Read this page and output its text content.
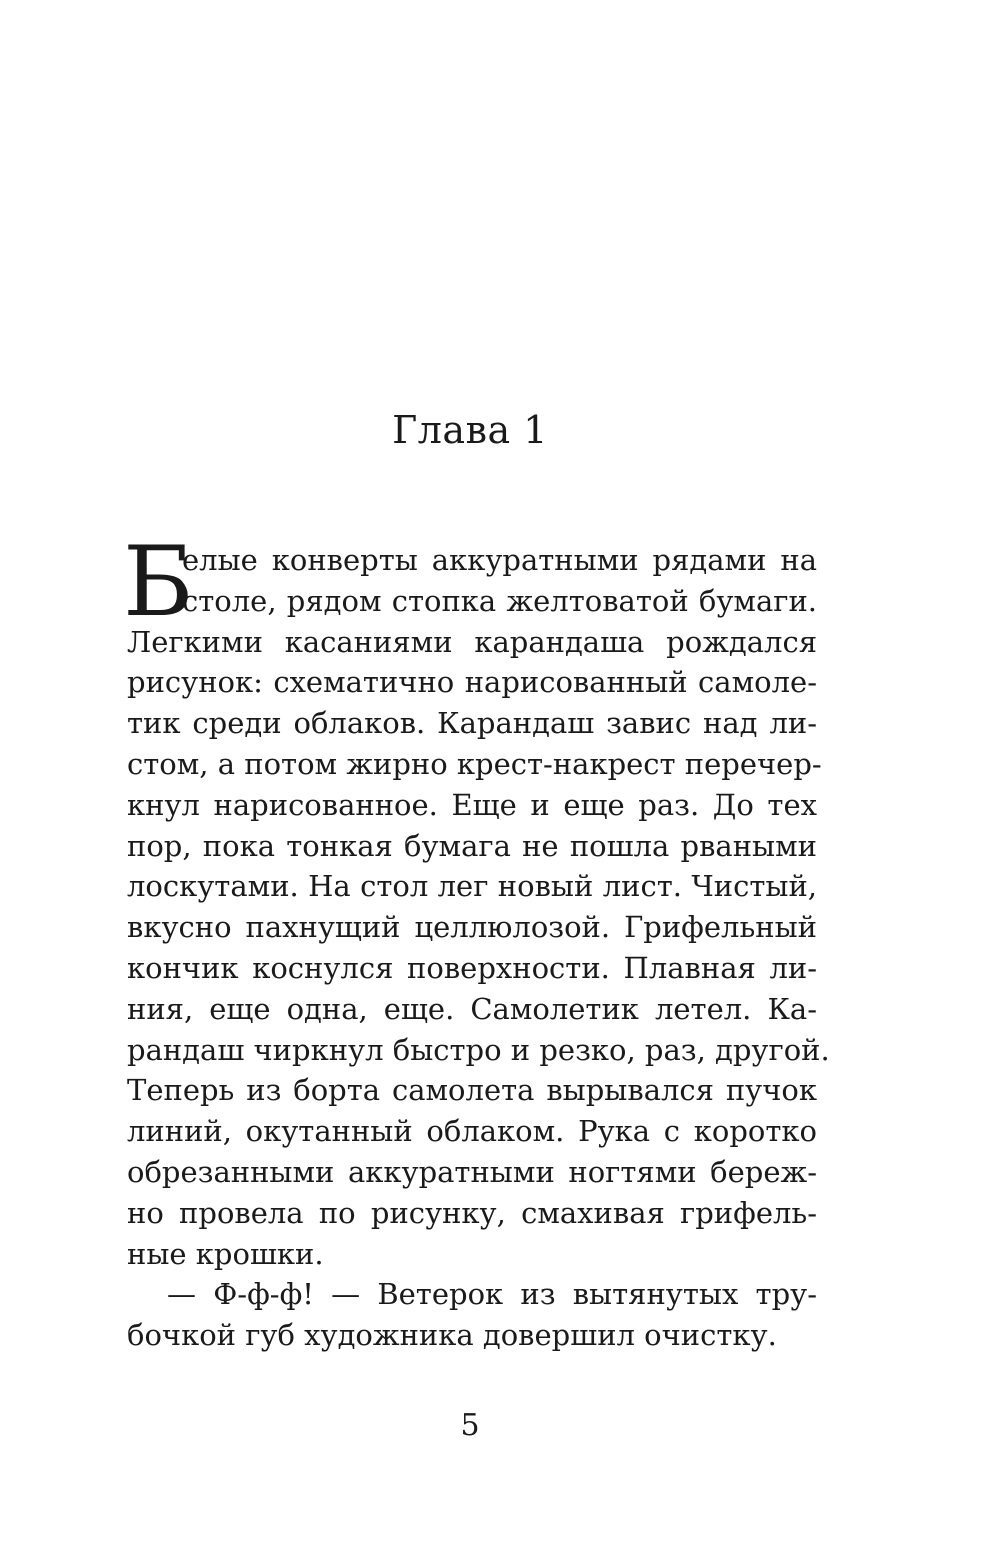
Глава 1
Б
елые конверты аккуратными рядами на
столе, рядом стопка желтоватой бумаги.
Легкими касаниями карандаша рождался
рисунок: схематично нарисованный самоле-
тик среди облаков. Карандаш завис над ли-
стом, а потом жирно крест-накрест перечер-
кнул нарисованное. Еще и еще раз. До тех
пор, пока тонкая бумага не пошла рваными
лоскутами. На стол лег новый лист. Чистый,
вкусно пахнущий целлюлозой. Грифельный
кончик коснулся поверхности. Плавная ли-
ния, еще одна, еще. Самолетик летел. Ка-
рандаш чиркнул быстро и резко, раз, другой.
Теперь из борта самолета вырывался пучок
линий, окутанный облаком. Рука с коротко
обрезанными аккуратными ногтями береж-
но провела по рисунку, смахивая грифель-
ные крошки.
— Ф-ф-ф! — Ветерок из вытянутых тру-
бочкой губ художника довершил очистку.
5
